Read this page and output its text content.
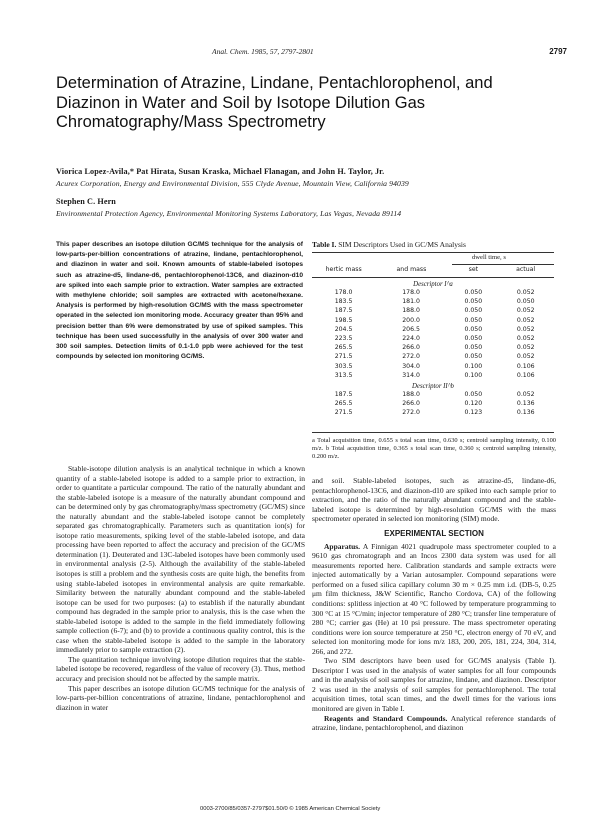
Anal. Chem. 1985, 57, 2797-2801	2797
Determination of Atrazine, Lindane, Pentachlorophenol, and Diazinon in Water and Soil by Isotope Dilution Gas Chromatography/Mass Spectrometry
Viorica Lopez-Avila,* Pat Hirata, Susan Kraska, Michael Flanagan, and John H. Taylor, Jr.
Acurex Corporation, Energy and Environmental Division, 555 Clyde Avenue, Mountain View, California 94039
Stephen C. Hern
Environmental Protection Agency, Environmental Monitoring Systems Laboratory, Las Vegas, Nevada 89114
This paper describes an isotope dilution GC/MS technique for the analysis of low-parts-per-billion concentrations of atrazine, lindane, pentachlorophenol, and diazinon in water and soil. Known amounts of stable-labeled isotopes such as atrazine-d5, lindane-d6, pentachlorophenol-13C6, and diazinon-d10 are spiked into each sample prior to extraction. Water samples are extracted with methylene chloride; soil samples are extracted with acetone/hexane. Analysis is performed by high-resolution GC/MS with the mass spectrometer operated in the selected ion monitoring mode. Accuracy greater than 95% and precision better than 6% were demonstrated by use of spiked samples. This technique has been used successfully in the analysis of over 300 water and 300 soil samples. Detection limits of 0.1-1.0 ppb were achieved for the test compounds by selected ion monitoring GC/MS.

Stable-isotope dilution analysis is an analytical technique in which a known quantity of a stable-labeled isotope is added to a sample prior to extraction, in order to quantitate a particular compound. The ratio of the naturally abundant and the stable-labeled isotope is a measure of the naturally abundant compound and can be determined only by gas chromatography/mass spectrometry (GC/MS) since the naturally abundant and the stable-labeled isotope cannot be completely separated gas chromatographically. Parameters such as quantitation ion(s) for isotope ratio measurements, spiking level of the stable-labeled isotope, and data processing have been reported to affect the accuracy and precision of the GC/MS determination (1). Deuterated and 13C-labeled isotopes have been commonly used in environmental analysis (2-5). Although the availability of the stable-labeled isotopes is still a problem and the synthesis costs are quite high, the benefits from using stable-labeled isotopes in environmental analysis are quite remarkable. Similarity between the naturally abundant compound and the stable-labeled isotope can be used for two purposes: (a) to establish if the naturally abundant compound has degraded in the sample prior to analysis, this is the case when the stable-labeled isotope is added to the sample in the field immediately following sample collection (6-7); and (b) to provide a continuous quality control, this is the case when the stable-labeled isotope is added to the sample in the laboratory immediately prior to sample extraction (2).

The quantitation technique involving isotope dilution requires that the stable-labeled isotope be recovered, regardless of the value of recovery (3). Thus, method accuracy and precision should not be affected by the sample matrix.

This paper describes an isotope dilution GC/MS technique for the analysis of low-parts-per-billion concentrations of atrazine, lindane, pentachlorophenol and diazinon in water

Table I. SIM Descriptors Used in GC/MS Analysis
dwell time, s
hertic mass	and mass	set	actual
Descriptor I^a
178.0	178.0	0.050	0.052
183.5	181.0	0.050	0.050
187.5	188.0	0.050	0.052
198.5	200.0	0.050	0.052
204.5	206.5	0.050	0.052
223.5	224.0	0.050	0.052
265.5	266.0	0.050	0.052
271.5	272.0	0.050	0.052
303.5	304.0	0.100	0.106
313.5	314.0	0.100	0.106
Descriptor II^b
187.5	188.0	0.050	0.052
265.5	266.0	0.120	0.136
271.5	272.0	0.123	0.136
a Total acquisition time, 0.655 s total scan time, 0.630 s; centroid sampling intensity, 0.100 m/z. b Total acquisition time, 0.365 s total scan time, 0.360 s; centroid sampling intensity, 0.200 m/z.

and soil. Stable-labeled isotopes, such as atrazine-d5, lindane-d6, pentachlorophenol-13C6, and diazinon-d10 are spiked into each sample prior to extraction, and the ratio of the naturally abundant compound and the stable-labeled isotope is determined by high-resolution GC/MS with the mass spectrometer operated in selected ion monitoring (SIM) mode.

EXPERIMENTAL SECTION

Apparatus. A Finnigan 4021 quadrupole mass spectrometer coupled to a 9610 gas chromatograph and an Incos 2300 data system was used for all measurements reported here. Calibration standards and sample extracts were injected automatically by a Varian autosampler. Compound separations were performed on a fused silica capillary column 30 m × 0.25 mm i.d. (DB-5, 0.25 μm film thickness, J&W Scientific, Rancho Cordova, CA) of the following conditions: splitless injection at 40 °C followed by temperature programming to 300 °C at 15 °C/min; injector temperature of 280 °C; transfer line temperature of 280 °C; carrier gas (He) at 10 psi pressure. The mass spectrometer operating conditions were ion source temperature at 250 °C, electron energy of 70 eV, and selected ion monitoring mode for ions m/z 183, 200, 205, 181, 224, 304, 314, 266, and 272.

Two SIM descriptors have been used for GC/MS analysis (Table I). Descriptor I was used in the analysis of water samples for all four compounds and in the analysis of soil samples for atrazine, lindane, and diazinon. Descriptor 2 was used in the analysis of soil samples for pentachlorophenol. The total acquisition times, total scan times, and the dwell times for the various ions monitored are given in Table I.

Reagents and Standard Compounds. Analytical reference standards of atrazine, lindane, pentachlorophenol, and diazinon

0003-2700/85/0357-2797$01.50/0 © 1985 American Chemical Society
